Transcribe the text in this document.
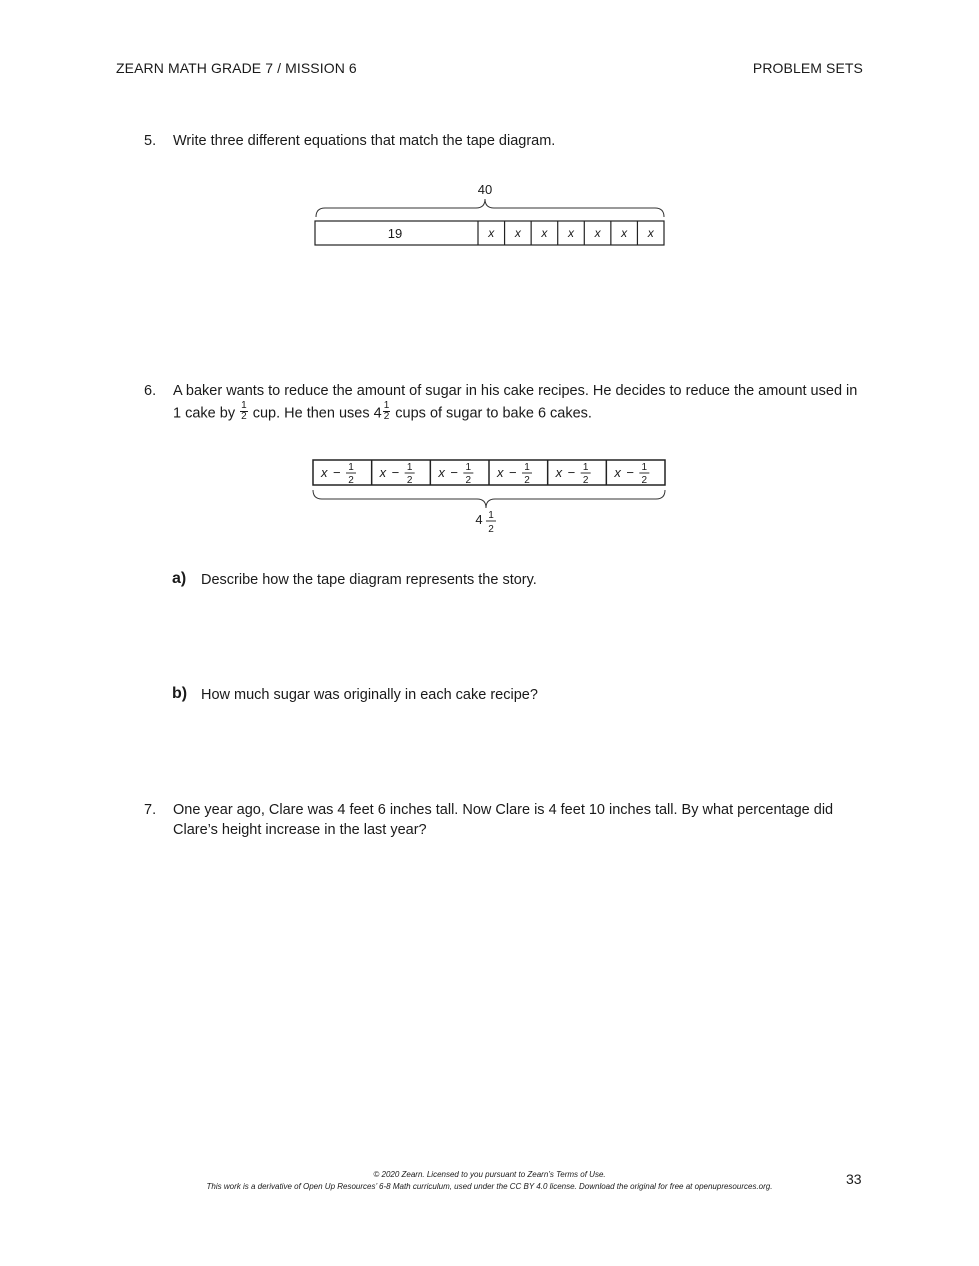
ZEARN MATH GRADE 7 / MISSION 6	PROBLEM SETS
5. Write three different equations that match the tape diagram.
40
19	x x x x x x x
6. A baker wants to reduce the amount of sugar in his cake recipes. He decides to reduce the amount used in
1 cake by $\frac{1}{2}$ cup. He then uses $4 \frac{1}{2}$ cups of sugar to bake 6 cakes.
x − 1
2
x − 1
2
x − 1
2
x − 1
2
x − 1
2
x − 1
2
4 1
2
a) Describe how the tape diagram represents the story.
b) How much sugar was originally in each cake recipe?
7. One year ago, Clare was 4 feet 6 inches tall. Now Clare is 4 feet 10 inches tall. By what percentage did
Clare’s height increase in the last year?
© 2020 Zearn. Licensed to you pursuant to Zearn’s Terms of Use.
This work is a derivative of Open Up Resources’ 6-8 Math curriculum, used under the CC BY 4.0 license. Download the original for free at openupresources.org.	33
